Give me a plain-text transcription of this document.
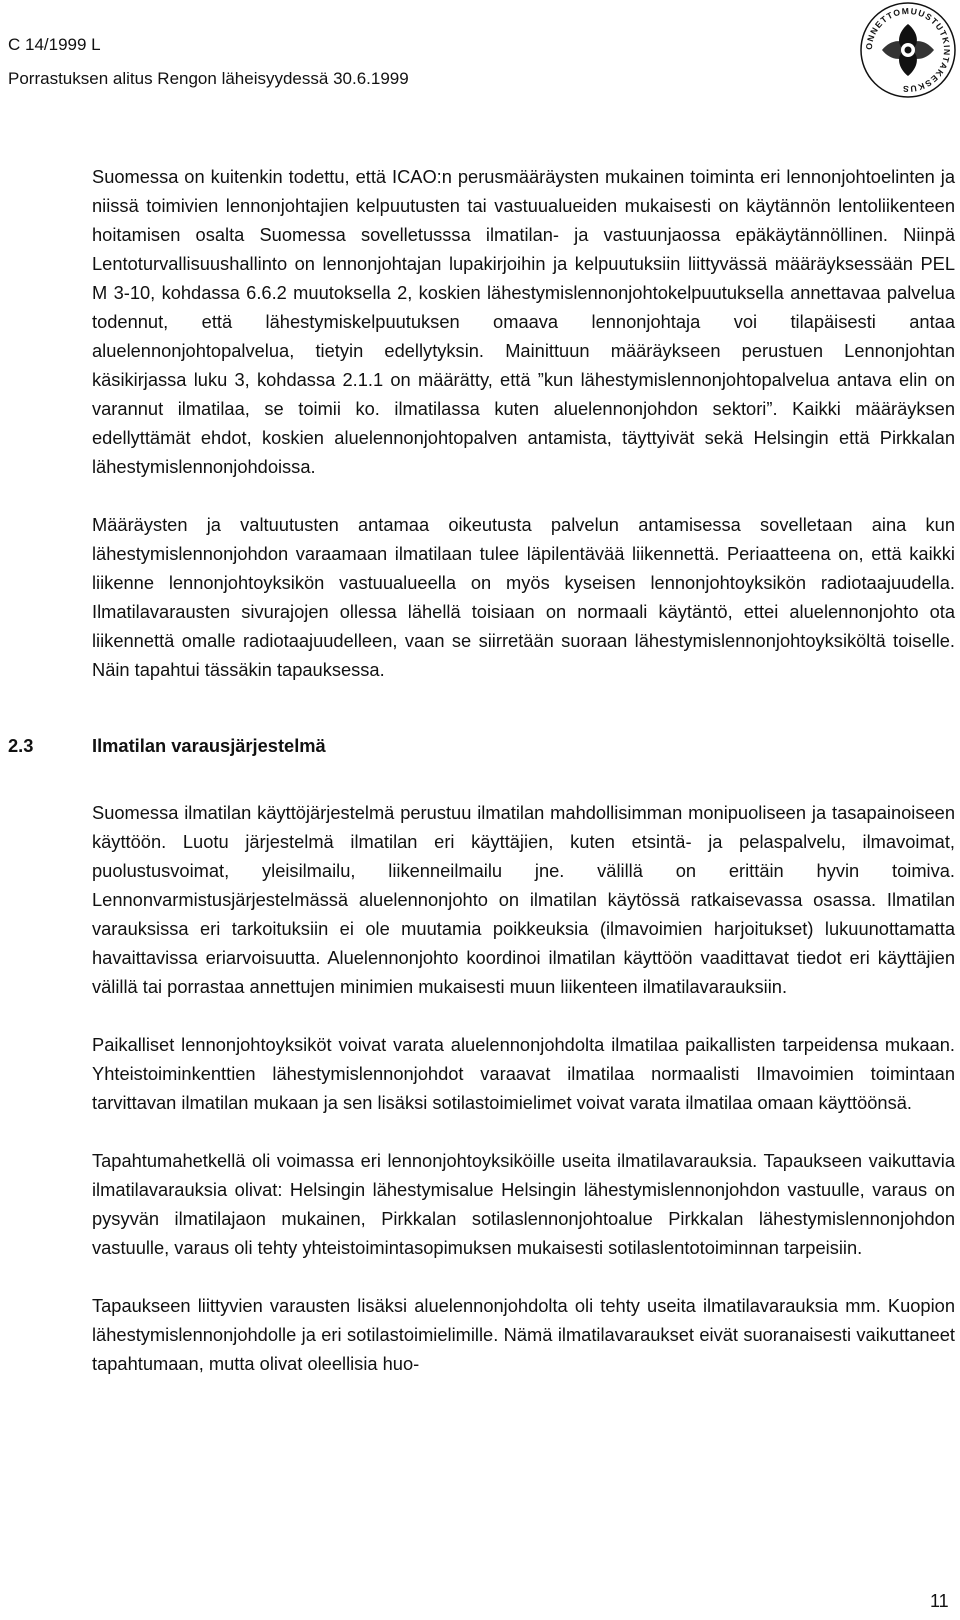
C 14/1999 L
Porrastuksen alitus Rengon läheisyydessä 30.6.1999
ONNETTOMUUSTUTKINTAKESKUS

Suomessa on kuitenkin todettu, että ICAO:n perusmääräysten mukainen toiminta eri lennonjohtoelinten ja niissä toimivien lennonjohtajien kelpuutusten tai vastuualueiden mukaisesti on käytännön lentoliikenteen hoitamisen osalta Suomessa sovelletusssa ilmatilan- ja vastuunjaossa epäkäytännöllinen. Niinpä Lentoturvallisuushallinto on lennonjohtajan lupakirjoihin ja kelpuutuksiin liittyvässä määräyksessään PEL M 3-10, kohdassa 6.6.2 muutoksella 2, koskien lähestymislennonjohtokelpuutuksella annettavaa palvelua todennut, että lähestymiskelpuutuksen omaava lennonjohtaja voi tilapäisesti antaa aluelennonjohtopalvelua, tietyin edellytyksin. Mainittuun määräykseen perustuen Lennonjohtan käsikirjassa luku 3, kohdassa 2.1.1 on määrätty, että ”kun lähestymislennonjohtopalvelua antava elin on varannut ilmatilaa, se toimii ko. ilmatilassa kuten aluelennonjohdon sektori”. Kaikki määräyksen edellyttämät ehdot, koskien aluelennonjohtopalven antamista, täyttyivät sekä Helsingin että Pirkkalan lähestymislennonjohdoissa.

Määräysten ja valtuutusten antamaa oikeutusta palvelun antamisessa sovelletaan aina kun lähestymislennonjohdon varaamaan ilmatilaan tulee läpilentävää liikennettä. Periaatteena on, että kaikki liikenne lennonjohtoyksikön vastuualueella on myös kyseisen lennonjohtoyksikön radiotaajuudella. Ilmatilavarausten sivurajojen ollessa lähellä toisiaan on normaali käytäntö, ettei aluelennonjohto ota liikennettä omalle radiotaajuudelleen, vaan se siirretään suoraan lähestymislennonjohtoyksiköltä toiselle. Näin tapahtui tässäkin tapauksessa.

2.3	Ilmatilan varausjärjestelmä

Suomessa ilmatilan käyttöjärjestelmä perustuu ilmatilan mahdollisimman monipuoliseen ja tasapainoiseen käyttöön. Luotu järjestelmä ilmatilan eri käyttäjien, kuten etsintä- ja pelaspalvelu, ilmavoimat, puolustusvoimat, yleisilmailu, liikenneilmailu jne. välillä on erittäin hyvin toimiva. Lennonvarmistusjärjestelmässä aluelennonjohto on ilmatilan käytössä ratkaisevassa osassa. Ilmatilan varauksissa eri tarkoituksiin ei ole muutamia poikkeuksia (ilmavoimien harjoitukset) lukuunottamatta havaittavissa eriarvoisuutta. Aluelennonjohto koordinoi ilmatilan käyttöön vaadittavat tiedot eri käyttäjien välillä tai porrastaa annettujen minimien mukaisesti muun liikenteen ilmatilavarauksiin.

Paikalliset lennonjohtoyksiköt voivat varata aluelennonjohdolta ilmatilaa paikallisten tarpeidensa mukaan. Yhteistoiminkenttien lähestymislennonjohdot varaavat ilmatilaa normaalisti Ilmavoimien toimintaan tarvittavan ilmatilan mukaan ja sen lisäksi sotilastoimielimet voivat varata ilmatilaa omaan käyttöönsä.

Tapahtumahetkellä oli voimassa eri lennonjohtoyksiköille useita ilmatilavarauksia. Tapaukseen vaikuttavia ilmatilavarauksia olivat: Helsingin lähestymisalue Helsingin lähestymislennonjohdon vastuulle, varaus on pysyvän ilmatilajaon mukainen, Pirkkalan sotilaslennonjohtoalue Pirkkalan lähestymislennonjohdon vastuulle, varaus oli tehty yhteistoimintasopimuksen mukaisesti sotilaslentotoiminnan tarpeisiin.

Tapaukseen liittyvien varausten lisäksi aluelennonjohdolta oli tehty useita ilmatilavarauksia mm. Kuopion lähestymislennonjohdolle ja eri sotilastoimielimille. Nämä ilmatilavaraukset eivät suoranaisesti vaikuttaneet tapahtumaan, mutta olivat oleellisia huo-

11
